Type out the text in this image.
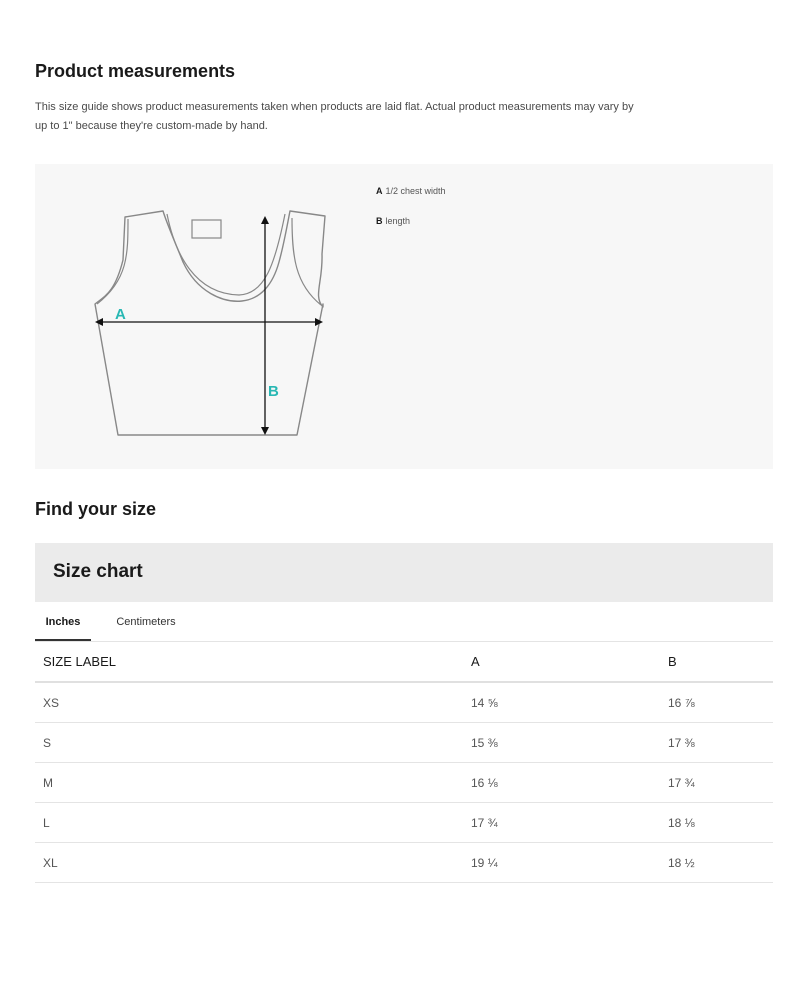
Product measurements
This size guide shows product measurements taken when products are laid flat. Actual product measurements may vary by
up to 1" because they're custom-made by hand.
A
B
A 1/2 chest width
B length
Find your size
Size chart
Inches	Centimeters
SIZE LABEL	A	B
XS	14 ⅝	16 ⅞
S	15 ⅜	17 ⅜
M	16 ⅛	17 ¾
L	17 ¾	18 ⅛
XL	19 ¼	18 ½
